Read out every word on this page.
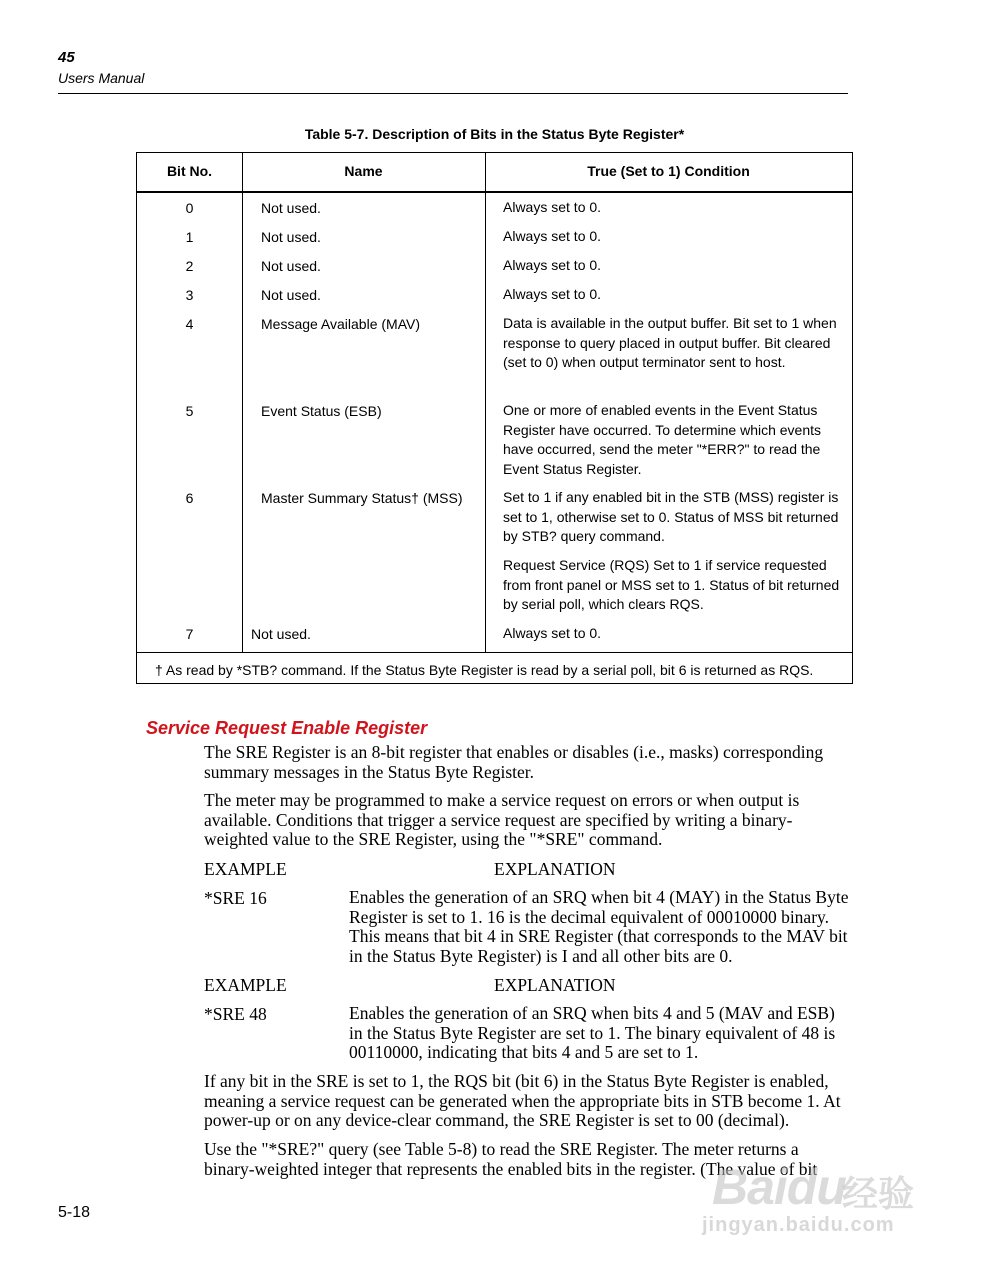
45
Users Manual
Table 5-7. Description of Bits in the Status Byte Register*
Bit No.	Name	True (Set to 1) Condition
0	Not used.	Always set to 0.
1	Not used.	Always set to 0.
2	Not used.	Always set to 0.
3	Not used.	Always set to 0.
4	Message Available (MAV)	Data is available in the output buffer. Bit set to 1 when response to query placed in output buffer. Bit cleared (set to 0) when output terminator sent to host.
5	Event Status (ESB)	One or more of enabled events in the Event Status Register have occurred. To determine which events have occurred, send the meter "*ERR?" to read the Event Status Register.
6	Master Summary Status† (MSS)	Set to 1 if any enabled bit in the STB (MSS) register is set to 1, otherwise set to 0. Status of MSS bit returned by STB? query command.
Request Service (RQS) Set to 1 if service requested from front panel or MSS set to 1. Status of bit returned by serial poll, which clears RQS.
7	Not used.	Always set to 0.
† As read by *STB? command. If the Status Byte Register is read by a serial poll, bit 6 is returned as RQS.
Service Request Enable Register
The SRE Register is an 8-bit register that enables or disables (i.e., masks) corresponding summary messages in the Status Byte Register.
The meter may be programmed to make a service request on errors or when output is available. Conditions that trigger a service request are specified by writing a binary-weighted value to the SRE Register, using the "*SRE" command.
EXAMPLE	EXPLANATION
*SRE 16	Enables the generation of an SRQ when bit 4 (MAY) in the Status Byte Register is set to 1. 16 is the decimal equivalent of 00010000 binary. This means that bit 4 in SRE Register (that corresponds to the MAV bit in the Status Byte Register) is I and all other bits are 0.
EXAMPLE	EXPLANATION
*SRE 48	Enables the generation of an SRQ when bits 4 and 5 (MAV and ESB) in the Status Byte Register are set to 1. The binary equivalent of 48 is 00110000, indicating that bits 4 and 5 are set to 1.
If any bit in the SRE is set to 1, the RQS bit (bit 6) in the Status Byte Register is enabled, meaning a service request can be generated when the appropriate bits in STB become 1. At power-up or on any device-clear command, the SRE Register is set to 00 (decimal).
Use the "*SRE?" query (see Table 5-8) to read the SRE Register. The meter returns a binary-weighted integer that represents the enabled bits in the register. (The value of bit
5-18	Baidu
经验
jingyan.baidu.com
